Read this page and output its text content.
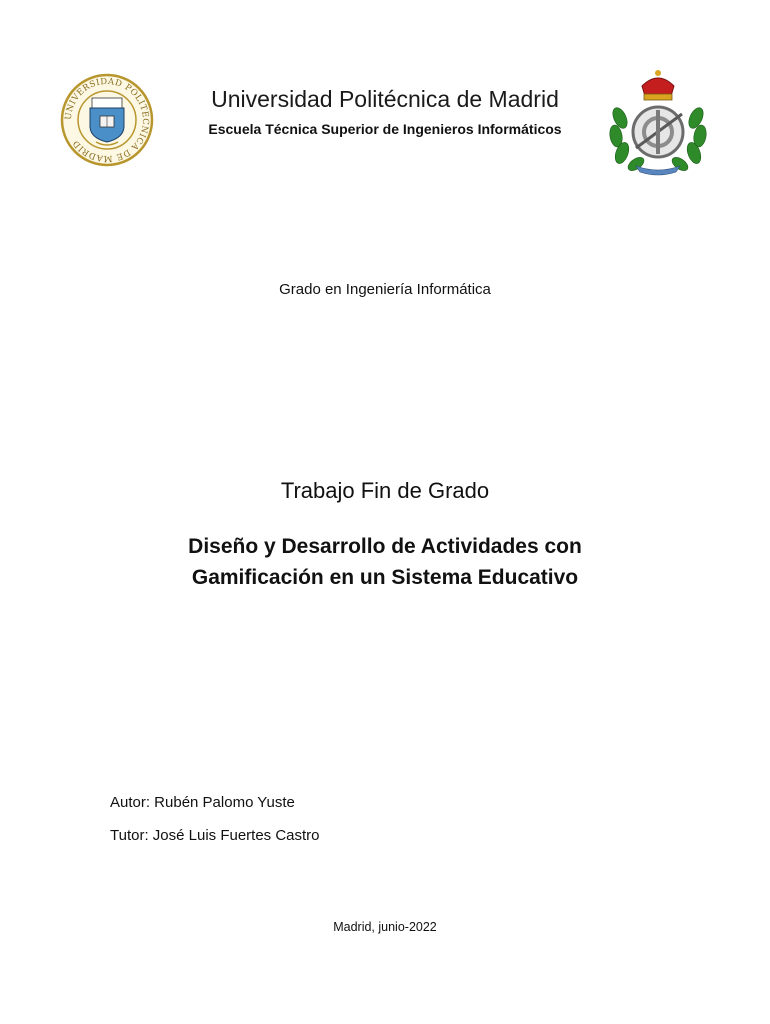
UNIVERSIDAD POLITECNICA DE MADRID
Universidad Politécnica de Madrid
Escuela Técnica Superior de Ingenieros Informáticos
Grado en Ingeniería Informática
Trabajo Fin de Grado
Diseño y Desarrollo de Actividades con
Gamificación en un Sistema Educativo
Autor: Rubén Palomo Yuste
Tutor: José Luis Fuertes Castro
Madrid, junio-2022
